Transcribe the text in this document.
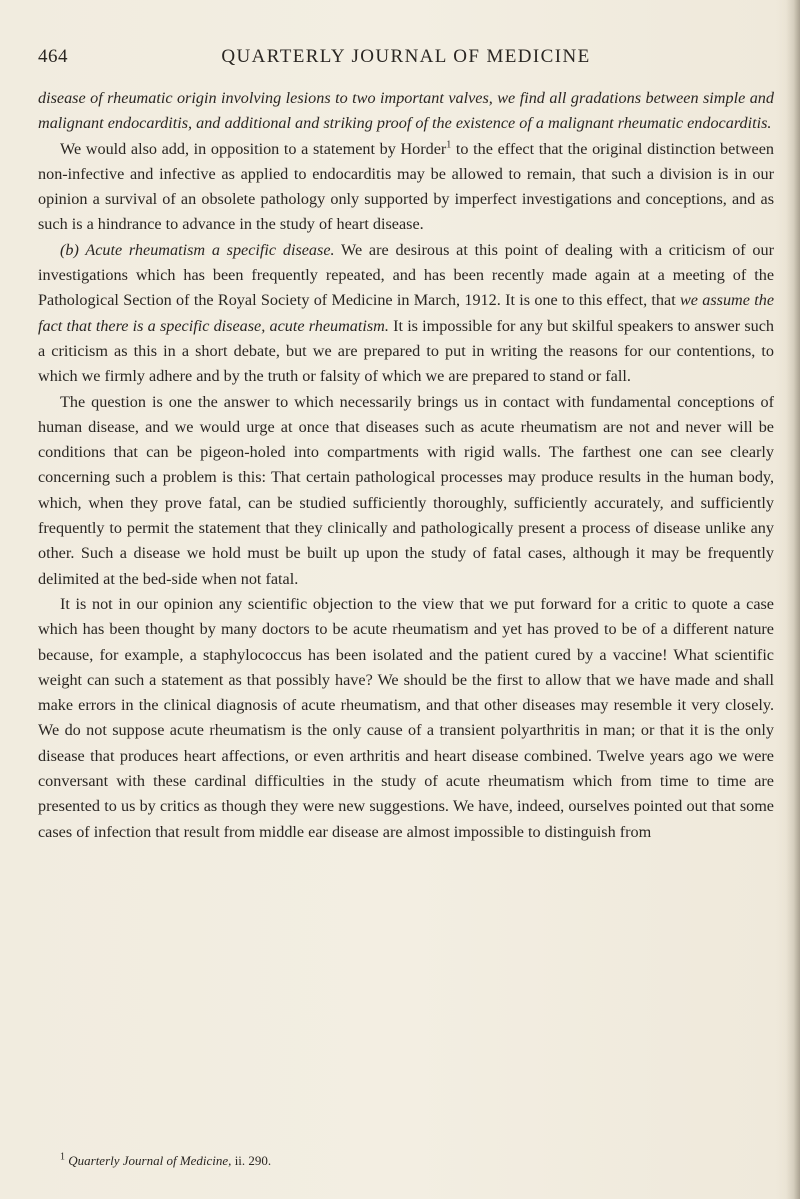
464	QUARTERLY JOURNAL OF MEDICINE

disease of rheumatic origin involving lesions to two important valves, we find all gradations between simple and malignant endocarditis, and additional and striking proof of the existence of a malignant rheumatic endocarditis.

We would also add, in opposition to a statement by Horder$^1$ to the effect that the original distinction between non-infective and infective as applied to endocarditis may be allowed to remain, that such a division is in our opinion a survival of an obsolete pathology only supported by imperfect investigations and conceptions, and as such is a hindrance to advance in the study of heart disease.

(b) Acute rheumatism a specific disease. We are desirous at this point of dealing with a criticism of our investigations which has been frequently repeated, and has been recently made again at a meeting of the Pathological Section of the Royal Society of Medicine in March, 1912. It is one to this effect, that we assume the fact that there is a specific disease, acute rheumatism. It is impossible for any but skilful speakers to answer such a criticism as this in a short debate, but we are prepared to put in writing the reasons for our contentions, to which we firmly adhere and by the truth or falsity of which we are prepared to stand or fall.

The question is one the answer to which necessarily brings us in contact with fundamental conceptions of human disease, and we would urge at once that diseases such as acute rheumatism are not and never will be conditions that can be pigeon-holed into compartments with rigid walls. The farthest one can see clearly concerning such a problem is this: That certain pathological processes may produce results in the human body, which, when they prove fatal, can be studied sufficiently thoroughly, sufficiently accurately, and sufficiently frequently to permit the statement that they clinically and pathologically present a process of disease unlike any other. Such a disease we hold must be built up upon the study of fatal cases, although it may be frequently delimited at the bed-side when not fatal.

It is not in our opinion any scientific objection to the view that we put forward for a critic to quote a case which has been thought by many doctors to be acute rheumatism and yet has proved to be of a different nature because, for example, a staphylococcus has been isolated and the patient cured by a vaccine! What scientific weight can such a statement as that possibly have? We should be the first to allow that we have made and shall make errors in the clinical diagnosis of acute rheumatism, and that other diseases may resemble it very closely. We do not suppose acute rheumatism is the only cause of a transient polyarthritis in man; or that it is the only disease that produces heart affections, or even arthritis and heart disease combined. Twelve years ago we were conversant with these cardinal difficulties in the study of acute rheumatism which from time to time are presented to us by critics as though they were new suggestions. We have, indeed, ourselves pointed out that some cases of infection that result from middle ear disease are almost impossible to distinguish from

$^1$ Quarterly Journal of Medicine, ii. 290.
